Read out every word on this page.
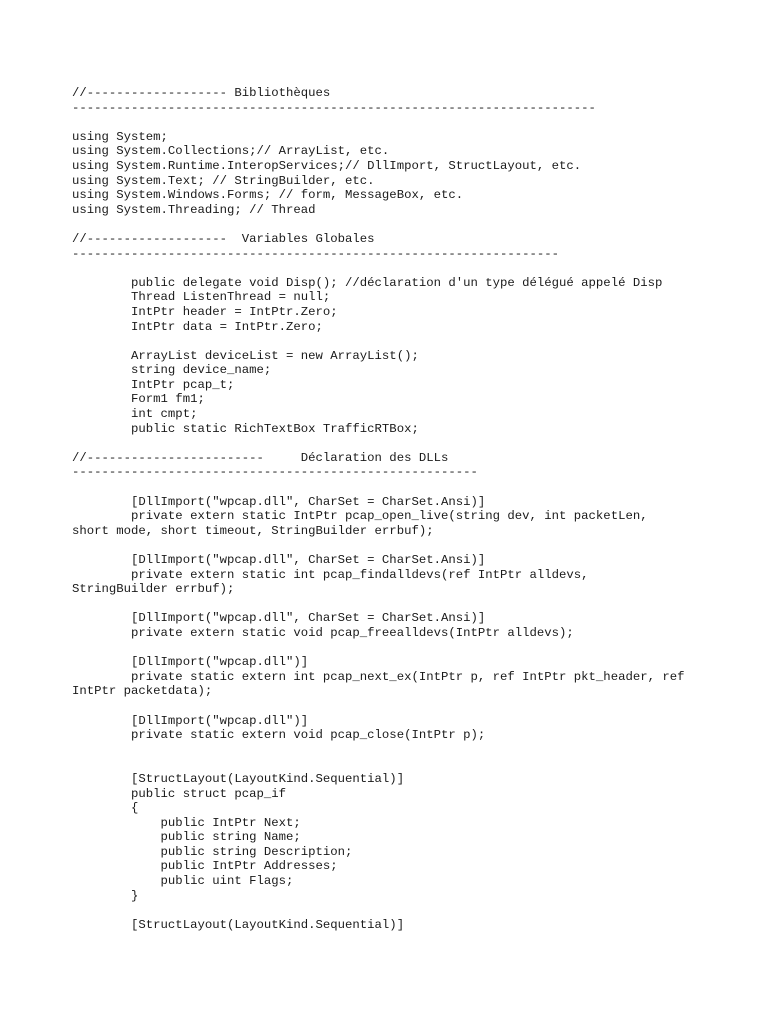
//------------------- Bibliothèques
-----------------------------------------------------------------------
using System;
using System.Collections;// ArrayList, etc.
using System.Runtime.InteropServices;// DllImport, StructLayout, etc.
using System.Text; // StringBuilder, etc.
using System.Windows.Forms; // form, MessageBox, etc.
using System.Threading; // Thread
//-------------------  Variables Globales
------------------------------------------------------------------
public delegate void Disp(); //déclaration d'un type délégué appelé Disp
Thread ListenThread = null;
IntPtr header = IntPtr.Zero;
IntPtr data = IntPtr.Zero;
ArrayList deviceList = new ArrayList();
string device_name;
IntPtr pcap_t;
Form1 fm1;
int cmpt;
public static RichTextBox TrafficRTBox;
//------------------------     Déclaration des DLLs
-------------------------------------------------------
[DllImport("wpcap.dll", CharSet = CharSet.Ansi)]
private extern static IntPtr pcap_open_live(string dev, int packetLen,
short mode, short timeout, StringBuilder errbuf);
[DllImport("wpcap.dll", CharSet = CharSet.Ansi)]
private extern static int pcap_findalldevs(ref IntPtr alldevs,
StringBuilder errbuf);
[DllImport("wpcap.dll", CharSet = CharSet.Ansi)]
private extern static void pcap_freealldevs(IntPtr alldevs);
[DllImport("wpcap.dll")]
private static extern int pcap_next_ex(IntPtr p, ref IntPtr pkt_header, ref
IntPtr packetdata);
[DllImport("wpcap.dll")]
private static extern void pcap_close(IntPtr p);
[StructLayout(LayoutKind.Sequential)]
public struct pcap_if
{
public IntPtr Next;
public string Name;
public string Description;
public IntPtr Addresses;
public uint Flags;
}
[StructLayout(LayoutKind.Sequential)]
